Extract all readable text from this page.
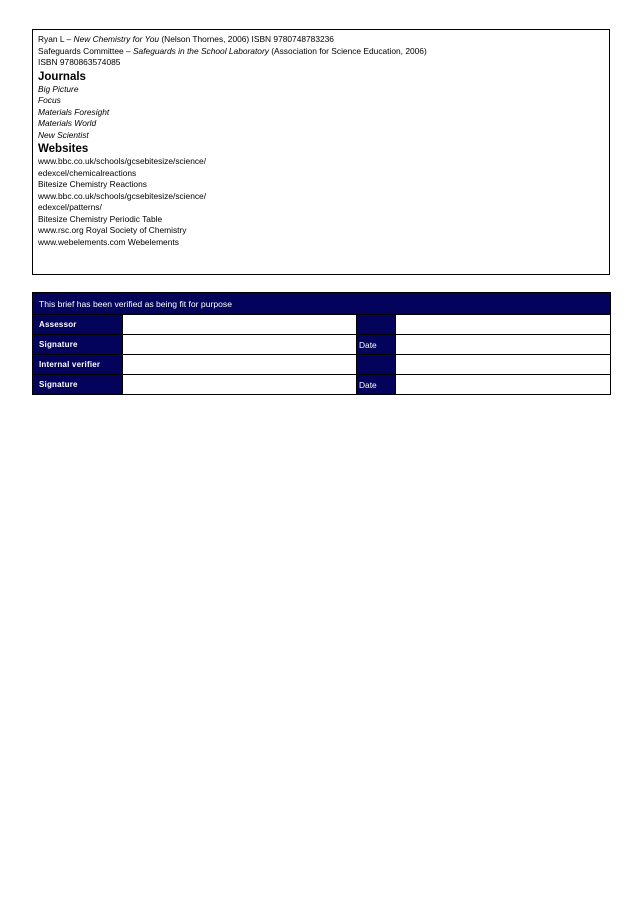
Ryan L – New Chemistry for You (Nelson Thornes, 2006) ISBN 9780748783236
Safeguards Committee – Safeguards in the School Laboratory (Association for Science Education, 2006)
ISBN 9780863574085
Journals
Big Picture
Focus
Materials Foresight
Materials World
New Scientist
Websites
www.bbc.co.uk/schools/gcsebitesize/science/
edexcel/chemicalreactions
Bitesize Chemistry Reactions
www.bbc.co.uk/schools/gcsebitesize/science/
edexcel/patterns/
Bitesize Chemistry Periodic Table
www.rsc.org Royal Society of Chemistry
www.webelements.com Webelements
This brief has been verified as being fit for purpose			
Assessor			
Signature		Date	
Internal verifier			
Signature		Date	
